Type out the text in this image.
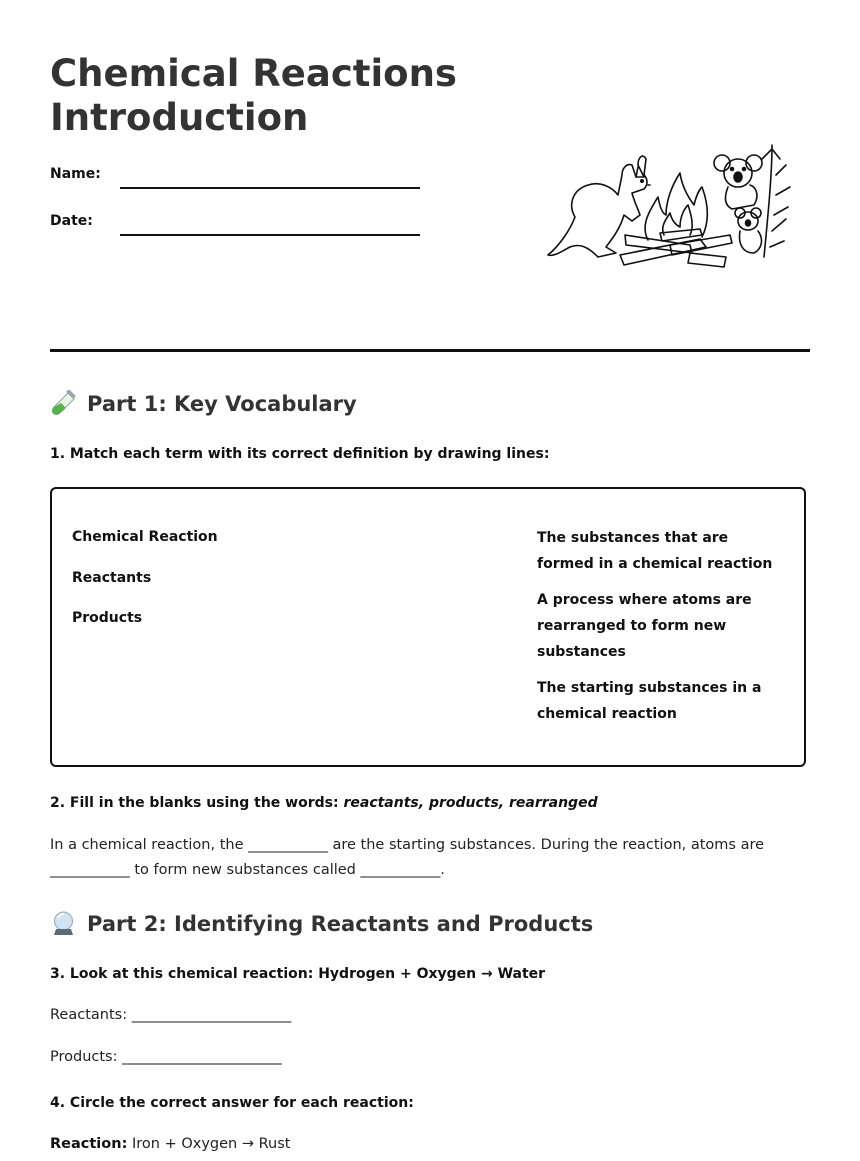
Chemical Reactions
Introduction
Name:
Date:
Part 1: Key Vocabulary
1. Match each term with its correct definition by drawing lines:
Chemical Reaction
Reactants
Products
The substances that are formed in a chemical reaction
A process where atoms are rearranged to form new substances
The starting substances in a chemical reaction
2. Fill in the blanks using the words: reactants, products, rearranged
In a chemical reaction, the ___________ are the starting substances. During the reaction, atoms are ___________ to form new substances called ___________.
Part 2: Identifying Reactants and Products
3. Look at this chemical reaction: Hydrogen + Oxygen → Water
Reactants: ______________________
Products: ______________________
4. Circle the correct answer for each reaction:
Reaction: Iron + Oxygen → Rust
